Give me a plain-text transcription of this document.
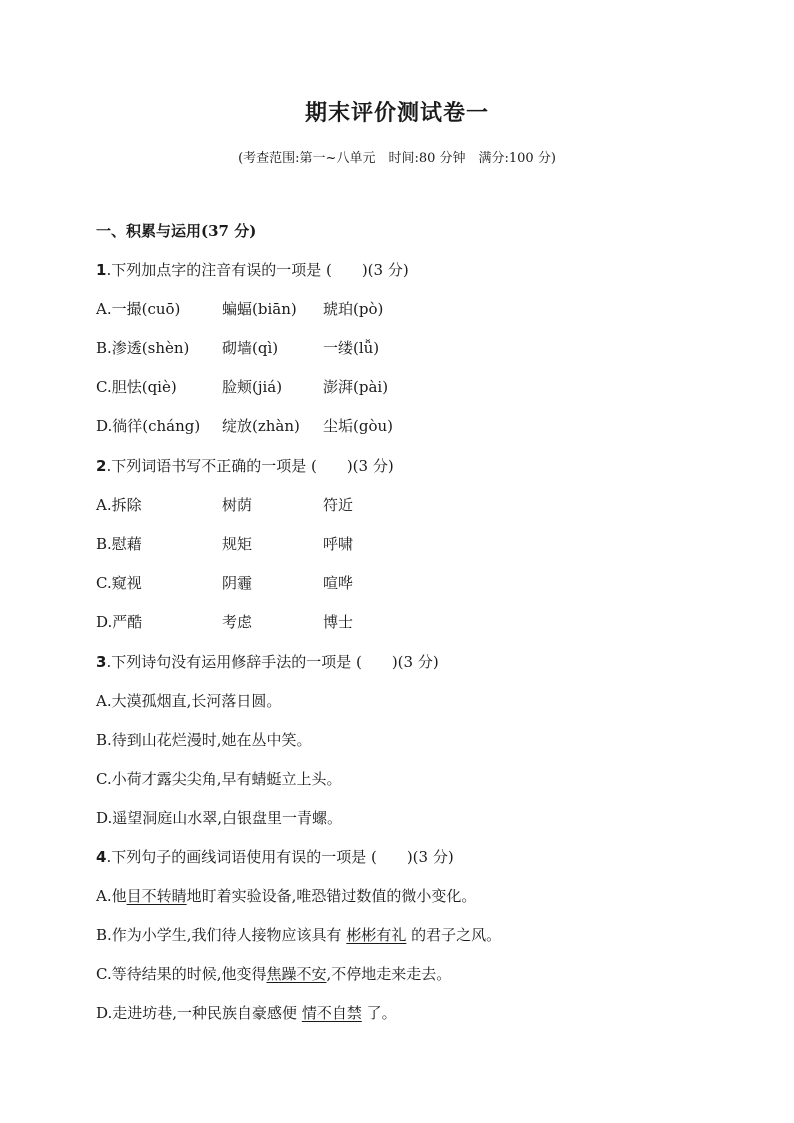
期末评价测试卷一
(考查范围:第一~八单元　时间:80 分钟　满分:100 分)
一、积累与运用(37 分)
1.下列加点字的注音有误的一项是 (　　)(3 分)
A.一撮(cuō)	蝙蝠(biān) 琥珀(pò)
B.渗透(shèn) 砌墙(qì)	一缕(lǚ)
C.胆怯(qiè)	脸颊(jiá)	澎湃(pài)
D.徜徉(cháng) 绽放(zhàn) 尘垢(gòu)
2.下列词语书写不正确的一项是 (　　)(3 分)
A.拆除	树荫	符近
B.慰藉	规矩	呼啸
C.窥视	阴霾	喧哗
D.严酷	考虑	博士
3.下列诗句没有运用修辞手法的一项是 (　　)(3 分)
A.大漠孤烟直,长河落日圆。
B.待到山花烂漫时,她在丛中笑。
C.小荷才露尖尖角,早有蜻蜓立上头。
D.遥望洞庭山水翠,白银盘里一青螺。
4.下列句子的画线词语使用有误的一项是 (　　)(3 分)
A.他目不转睛地盯着实验设备,唯恐错过数值的微小变化。
B.作为小学生,我们待人接物应该具有 彬彬有礼 的君子之风。
C.等待结果的时候,他变得焦躁不安,不停地走来走去。
D.走进坊巷,一种民族自豪感便 情不自禁 了。
